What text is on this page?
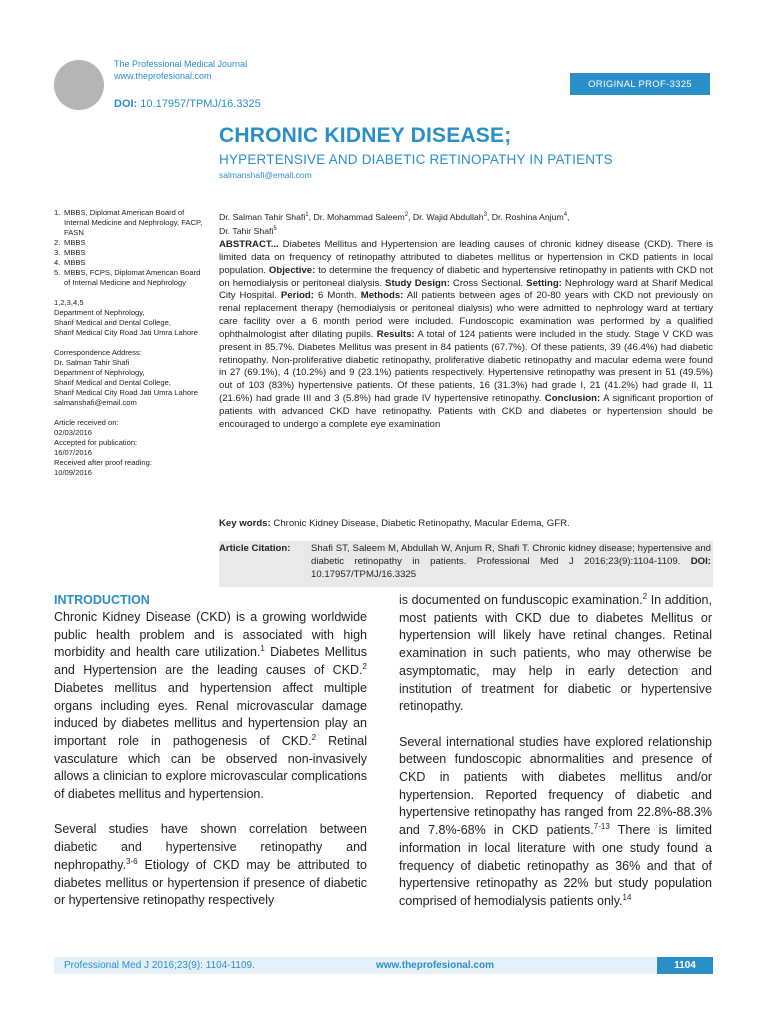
The Professional Medical Journal
www.theprofesional.com
DOI: 10.17957/TPMJ/16.3325
ORIGINAL PROF-3325
CHRONIC KIDNEY DISEASE;
HYPERTENSIVE AND DIABETIC RETINOPATHY IN PATIENTS
salmanshafi@email.com
1. MBBS, Diplomat American Board of Internal Medicine and Nephrology, FACP, FASN
2. MBBS
3. MBBS
4. MBBS
5. MBBS, FCPS, Diplomat American Board of Internal Medicine and Nephrology
1,2,3,4,5
Department of Nephrology,
Sharif Medical and Dental College,
Sharif Medical City Road Jati Umra Lahore
Correspondence Address:
Dr. Salman Tahir Shafi
Department of Nephrology,
Sharif Medical and Dental College,
Sharif Medical City Road Jati Umra Lahore
salmanshafi@email.com
Article received on:
02/03/2016
Accepted for publication:
16/07/2016
Received after proof reading:
10/09/2016
Dr. Salman Tahir Shafi$^1$, Dr. Mohammad Saleem$^2$, Dr. Wajid Abdullah$^3$, Dr. Roshina Anjum$^4$,
Dr. Tahir Shafi$^5$
ABSTRACT... Diabetes Mellitus and Hypertension are leading causes of chronic kidney disease (CKD). There is limited data on frequency of retinopathy attributed to diabetes mellitus or hypertension in CKD patients in local population. Objective: to determine the frequency of diabetic and hypertensive retinopathy in patients with CKD not on hemodialysis or peritoneal dialysis. Study Design: Cross Sectional. Setting: Nephrology ward at Sharif Medical City Hospital. Period: 6 Month. Methods: All patients between ages of 20-80 years with CKD not previously on renal replacement therapy (hemodialysis or peritoneal dialysis) who were admitted to nephrology ward at tertiary care facility over a 6 month period were included. Fundoscopic examination was performed by a qualified ophthalmologist after dilating pupils. Results: A total of 124 patients were included in the study. Stage V CKD was present in 85.7%. Diabetes Mellitus was present in 84 patients (67.7%). Of these patients, 39 (46.4%) had diabetic retinopathy. Non-proliferative diabetic retinopathy, proliferative diabetic retinopathy and macular edema were found in 27 (69.1%), 4 (10.2%) and 9 (23.1%) patients respectively. Hypertensive retinopathy was present in 51 (49.5%) out of 103 (83%) hypertensive patients. Of these patients, 16 (31.3%) had grade I, 21 (41.2%) had grade II, 11 (21.6%) had grade III and 3 (5.8%) had grade IV hypertensive retinopathy. Conclusion: A significant proportion of patients with advanced CKD have retinopathy. Patients with CKD and diabetes or hypertension should be encouraged to undergo a complete eye examination
Key words: Chronic Kidney Disease, Diabetic Retinopathy, Macular Edema, GFR.
Article Citation:	Shafi ST, Saleem M, Abdullah W, Anjum R, Shafi T. Chronic kidney disease; hypertensive and diabetic retinopathy in patients. Professional Med J 2016;23(9):1104-1109. DOI: 10.17957/TPMJ/16.3325
INTRODUCTION

Chronic Kidney Disease (CKD) is a growing worldwide public health problem and is associated with high morbidity and health care utilization.$^1$ Diabetes Mellitus and Hypertension are the leading causes of CKD.$^2$ Diabetes mellitus and hypertension affect multiple organs including eyes. Renal microvascular damage induced by diabetes mellitus and hypertension play an important role in pathogenesis of CKD.$^2$ Retinal vasculature which can be observed non-invasively allows a clinician to explore microvascular complications of diabetes mellitus and hypertension.

Several studies have shown correlation between diabetic and hypertensive retinopathy and nephropathy.$^{3-6}$ Etiology of CKD may be attributed to diabetes mellitus or hypertension if presence of diabetic or hypertensive retinopathy respectively

is documented on funduscopic examination.$^2$ In addition, most patients with CKD due to diabetes Mellitus or hypertension will likely have retinal changes. Retinal examination in such patients, who may otherwise be asymptomatic, may help in early detection and institution of treatment for diabetic or hypertensive retinopathy.

Several international studies have explored relationship between fundoscopic abnormalities and presence of CKD in patients with diabetes mellitus and/or hypertension. Reported frequency of diabetic and hypertensive retinopathy has ranged from 22.8%-88.3% and 7.8%-68% in CKD patients.$^{7-13}$ There is limited information in local literature with one study found a frequency of diabetic retinopathy as 36% and that of hypertensive retinopathy as 22% but study population comprised of hemodialysis patients only.$^{14}$

Professional Med J 2016;23(9): 1104-1109.	www.theprofesional.com	1104
